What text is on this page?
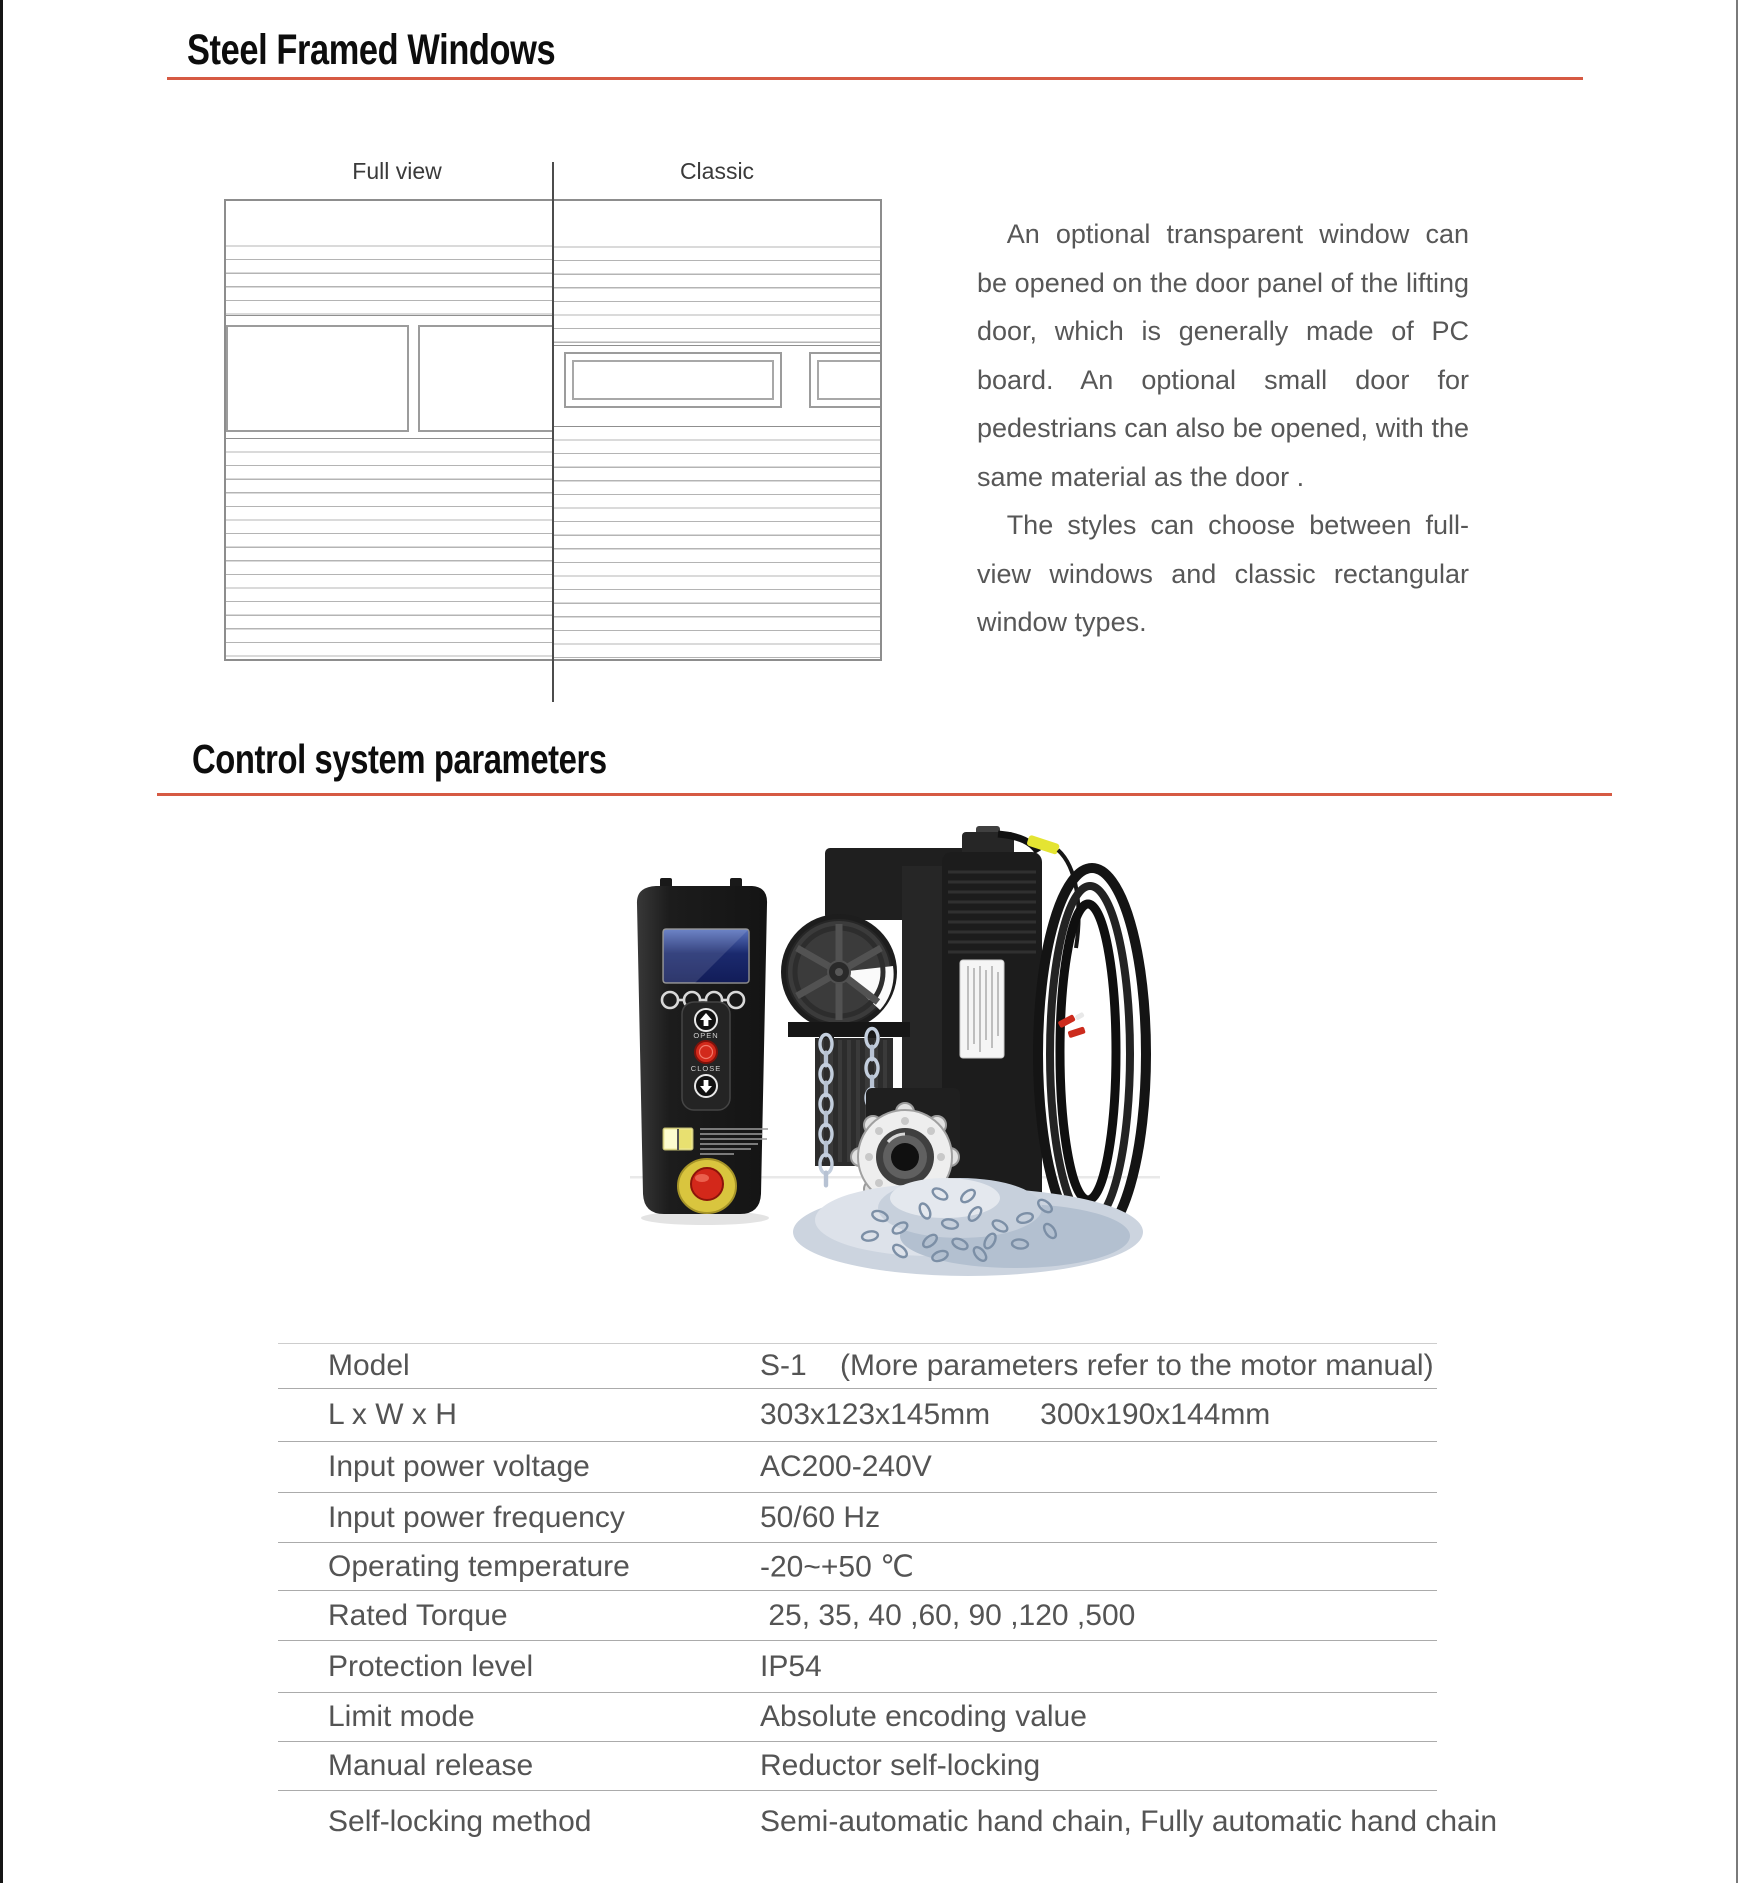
Steel Framed Windows
Full view	Classic

An optional transparent window can be opened on the door panel of the lifting door, which is generally made of PC board. An optional small door for pedestrians can also be opened, with the same material as the door .

The styles can choose between full-view windows and classic rectangular window types.

Control system parameters
OPEN
CLOSE
Model	S-1    (More parameters refer to the motor manual)
L x W x H	303x123x145mm      300x190x144mm
Input power voltage	AC200-240V
Input power frequency	50/60 Hz
Operating temperature	-20~+50 ℃
Rated Torque	25, 35, 40 ,60, 90 ,120 ,500
Protection level	IP54
Limit mode	Absolute encoding value
Manual release	Reductor self-locking
Self-locking method	Semi-automatic hand chain, Fully automatic hand chain
